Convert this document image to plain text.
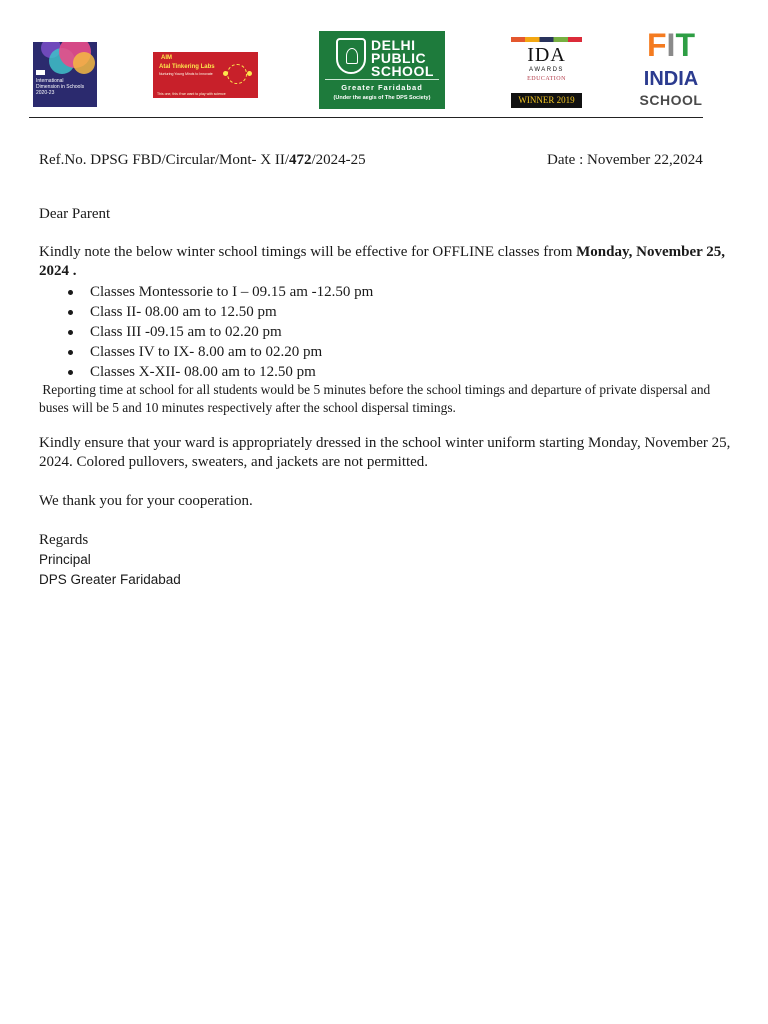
International
Dimension in Schools
2020-23
AIM
Atal Tinkering Labs
Nurturing Young Minds to Innovate
This one, this if we want to play with science
DELHI
PUBLIC
SCHOOL
Greater Faridabad
(Under the aegis of The DPS Society)
IDA
AWARDS
EDUCATION
WINNER 2019
FIT
INDIA
SCHOOL
Ref.No. DPSG FBD/Circular/Mont- X II/472/2024-25	Date : November 22,2024
Dear Parent
Kindly note the below winter school timings will be effective for OFFLINE classes from Monday, November 25, 2024 .
Classes Montessorie to I – 09.15 am -12.50 pm
Class II- 08.00 am to 12.50 pm
Class III -09.15 am to 02.20 pm
Classes IV to IX- 8.00 am to 02.20 pm
Classes X-XII- 08.00 am to 12.50 pm
Reporting time at school for all students would be 5 minutes before the school timings and departure of private dispersal and buses will be 5 and 10 minutes respectively after the school dispersal timings.
Kindly ensure that your ward is appropriately dressed in the school winter uniform starting Monday, November 25, 2024. Colored pullovers, sweaters, and jackets are not permitted.
We thank you for your cooperation.
Regards
Principal
DPS Greater Faridabad
